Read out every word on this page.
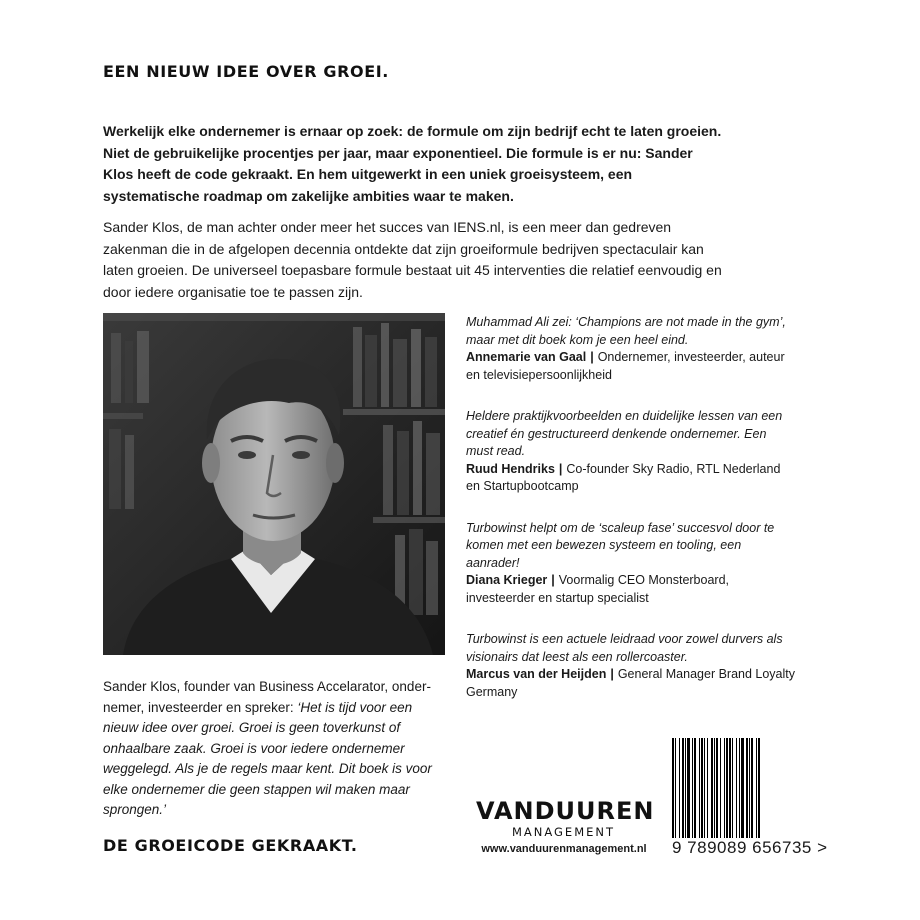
EEN NIEUW IDEE OVER GROEI.
Werkelijk elke ondernemer is ernaar op zoek: de formule om zijn bedrijf echt te laten groeien. Niet de gebruikelijke procentjes per jaar, maar exponentieel. Die formule is er nu: Sander Klos heeft de code gekraakt. En hem uitgewerkt in een uniek groeisysteem, een systematische roadmap om zakelijke ambities waar te maken.
Sander Klos, de man achter onder meer het succes van IENS.nl, is een meer dan gedreven zakenman die in de afgelopen decennia ontdekte dat zijn groeiformule bedrijven spectaculair kan laten groeien. De universeel toepasbare formule bestaat uit 45 interventies die relatief eenvoudig en door iedere organisatie toe te passen zijn.
Muhammad Ali zei: ‘Champions are not made in the gym’, maar met dit boek kom je een heel eind.
Annemarie van Gaal | Ondernemer, investeerder, auteur en televisiepersoonlijkheid
Heldere praktijkvoorbeelden en duidelijke lessen van een creatief én gestructureerd denkende ondernemer. Een must read.
Ruud Hendriks | Co-founder Sky Radio, RTL Nederland en Startupbootcamp
Turbowinst helpt om de ‘scaleup fase’ succesvol door te komen met een bewezen systeem en tooling, een aanrader!
Diana Krieger | Voormalig CEO Monsterboard, investeerder en startup specialist
Turbowinst is een actuele leidraad voor zowel durvers als visionairs dat leest als een rollercoaster.
Marcus van der Heijden | General Manager Brand Loyalty Germany
Sander Klos, founder van Business Accelarator, onder-nemer, investeerder en spreker: ‘Het is tijd voor een nieuw idee over groei. Groei is geen toverkunst of onhaalbare zaak. Groei is voor iedere ondernemer weggelegd. Als je de regels maar kent. Dit boek is voor elke ondernemer die geen stappen wil maken maar sprongen.’
DE GROEICODE GEKRAAKT.
VANDUUREN
MANAGEMENT
www.vanduurenmanagement.nl	9 789089 656735 >
